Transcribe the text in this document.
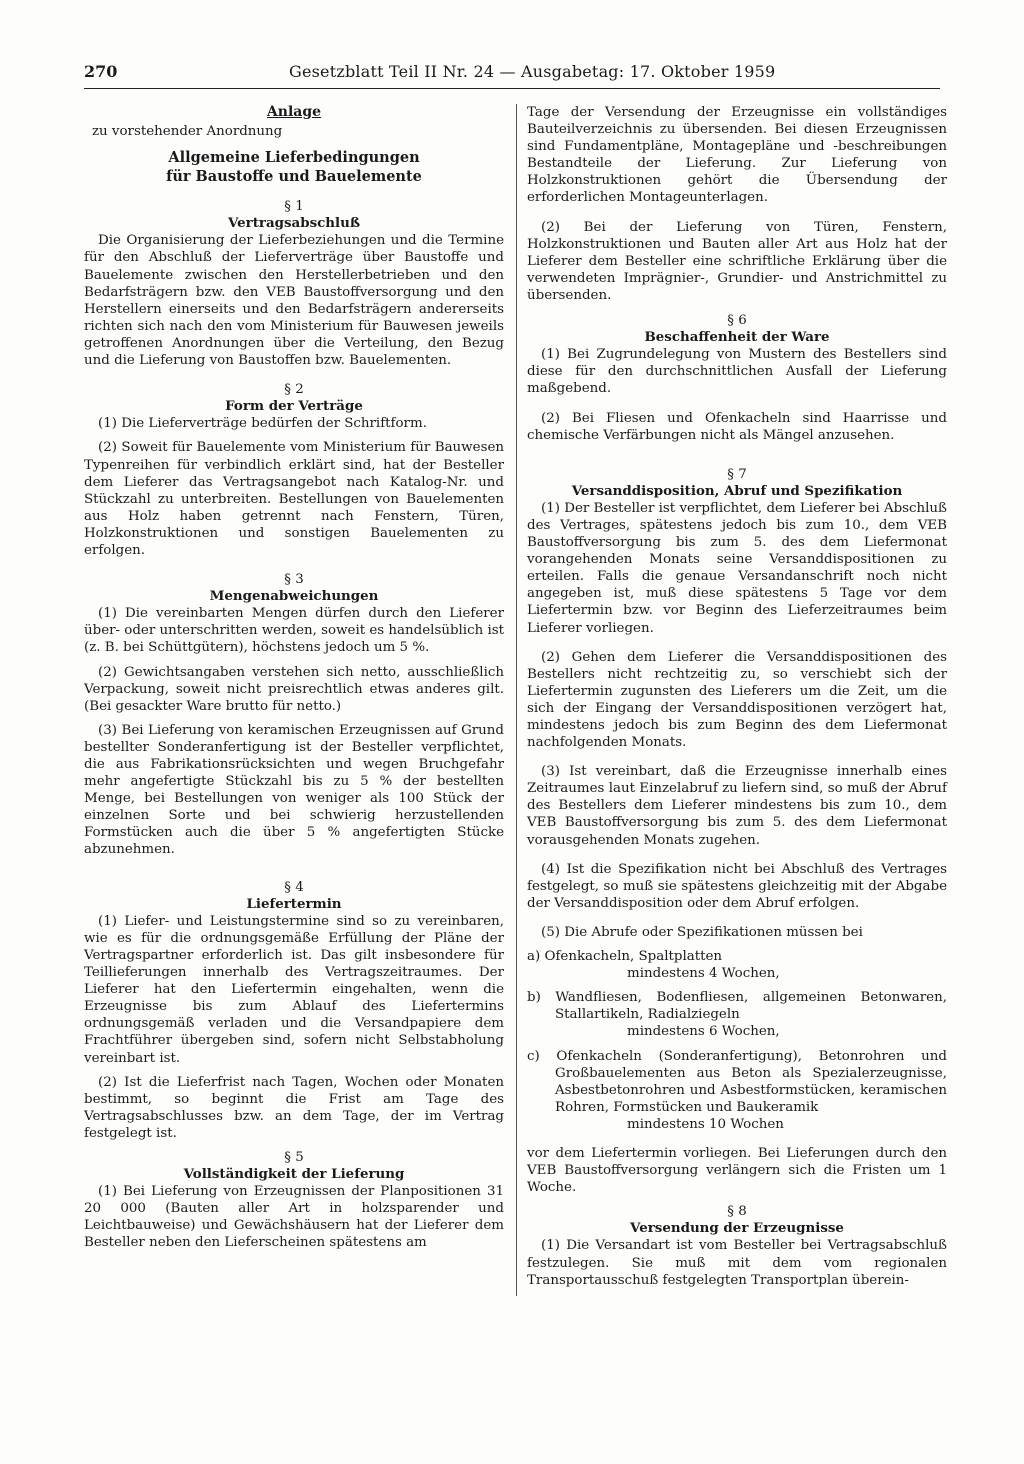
270	Gesetzblatt Teil II Nr. 24 — Ausgabetag: 17. Oktober 1959

Anlage

zu vorstehender Anordnung

Allgemeine Lieferbedingungen

für Baustoffe und Bauelemente

§ 1

Vertragsabschluß

Die Organisierung der Lieferbeziehungen und die Termine für den Abschluß der Lieferverträge über Baustoffe und Bauelemente zwischen den Herstellerbetrieben und den Bedarfsträgern bzw. den VEB Baustoffversorgung und den Herstellern einerseits und den Bedarfsträgern andererseits richten sich nach den vom Ministerium für Bauwesen jeweils getroffenen Anordnungen über die Verteilung, den Bezug und die Lieferung von Baustoffen bzw. Bauelementen.

§ 2

Form der Verträge

(1) Die Lieferverträge bedürfen der Schriftform.

(2) Soweit für Bauelemente vom Ministerium für Bauwesen Typenreihen für verbindlich erklärt sind, hat der Besteller dem Lieferer das Vertragsangebot nach Katalog-Nr. und Stückzahl zu unterbreiten. Bestellungen von Bauelementen aus Holz haben getrennt nach Fenstern, Türen, Holzkonstruktionen und sonstigen Bauelementen zu erfolgen.

§ 3

Mengenabweichungen

(1) Die vereinbarten Mengen dürfen durch den Lieferer über- oder unterschritten werden, soweit es handelsüblich ist (z. B. bei Schüttgütern), höchstens jedoch um 5 %.

(2) Gewichtsangaben verstehen sich netto, ausschließlich Verpackung, soweit nicht preisrechtlich etwas anderes gilt. (Bei gesackter Ware brutto für netto.)

(3) Bei Lieferung von keramischen Erzeugnissen auf Grund bestellter Sonderanfertigung ist der Besteller verpflichtet, die aus Fabrikationsrücksichten und wegen Bruchgefahr mehr angefertigte Stückzahl bis zu 5 % der bestellten Menge, bei Bestellungen von weniger als 100 Stück der einzelnen Sorte und bei schwierig herzustellenden Formstücken auch die über 5 % angefertigten Stücke abzunehmen.

§ 4

Liefertermin

(1) Liefer- und Leistungstermine sind so zu vereinbaren, wie es für die ordnungsgemäße Erfüllung der Pläne der Vertragspartner erforderlich ist. Das gilt insbesondere für Teillieferungen innerhalb des Vertragszeitraumes. Der Lieferer hat den Liefertermin eingehalten, wenn die Erzeugnisse bis zum Ablauf des Liefertermins ordnungsgemäß verladen und die Versandpapiere dem Frachtführer übergeben sind, sofern nicht Selbstabholung vereinbart ist.

(2) Ist die Lieferfrist nach Tagen, Wochen oder Monaten bestimmt, so beginnt die Frist am Tage des Vertragsabschlusses bzw. an dem Tage, der im Vertrag festgelegt ist.

§ 5

Vollständigkeit der Lieferung

(1) Bei Lieferung von Erzeugnissen der Planpositionen 31 20 000 (Bauten aller Art in holzsparender und Leichtbauweise) und Gewächshäusern hat der Lieferer dem Besteller neben den Lieferscheinen spätestens am

Tage der Versendung der Erzeugnisse ein vollständiges Bauteilverzeichnis zu übersenden. Bei diesen Erzeugnissen sind Fundamentpläne, Montagepläne und -beschreibungen Bestandteile der Lieferung. Zur Lieferung von Holzkonstruktionen gehört die Übersendung der erforderlichen Montageunterlagen.

(2) Bei der Lieferung von Türen, Fenstern, Holzkonstruktionen und Bauten aller Art aus Holz hat der Lieferer dem Besteller eine schriftliche Erklärung über die verwendeten Imprägnier-, Grundier- und Anstrichmittel zu übersenden.

§ 6

Beschaffenheit der Ware

(1) Bei Zugrundelegung von Mustern des Bestellers sind diese für den durchschnittlichen Ausfall der Lieferung maßgebend.

(2) Bei Fliesen und Ofenkacheln sind Haarrisse und chemische Verfärbungen nicht als Mängel anzusehen.

§ 7

Versanddisposition, Abruf und Spezifikation

(1) Der Besteller ist verpflichtet, dem Lieferer bei Abschluß des Vertrages, spätestens jedoch bis zum 10., dem VEB Baustoffversorgung bis zum 5. des dem Liefermonat vorangehenden Monats seine Versanddispositionen zu erteilen. Falls die genaue Versandanschrift noch nicht angegeben ist, muß diese spätestens 5 Tage vor dem Liefertermin bzw. vor Beginn des Lieferzeitraumes beim Lieferer vorliegen.

(2) Gehen dem Lieferer die Versanddispositionen des Bestellers nicht rechtzeitig zu, so verschiebt sich der Liefertermin zugunsten des Lieferers um die Zeit, um die sich der Eingang der Versanddispositionen verzögert hat, mindestens jedoch bis zum Beginn des dem Liefermonat nachfolgenden Monats.

(3) Ist vereinbart, daß die Erzeugnisse innerhalb eines Zeitraumes laut Einzelabruf zu liefern sind, so muß der Abruf des Bestellers dem Lieferer mindestens bis zum 10., dem VEB Baustoffversorgung bis zum 5. des dem Liefermonat vorausgehenden Monats zugehen.

(4) Ist die Spezifikation nicht bei Abschluß des Vertrages festgelegt, so muß sie spätestens gleichzeitig mit der Abgabe der Versanddisposition oder dem Abruf erfolgen.

(5) Die Abrufe oder Spezifikationen müssen bei

a) Ofenkacheln, Spaltplatten

mindestens 4 Wochen,

b) Wandfliesen, Bodenfliesen, allgemeinen Betonwaren, Stallartikeln, Radialziegeln

mindestens 6 Wochen,

c) Ofenkacheln (Sonderanfertigung), Betonrohren und Großbauelementen aus Beton als Spezialerzeugnisse, Asbestbetonrohren und Asbestformstücken, keramischen Rohren, Formstücken und Baukeramik

mindestens 10 Wochen

vor dem Liefertermin vorliegen. Bei Lieferungen durch den VEB Baustoffversorgung verlängern sich die Fristen um 1 Woche.

§ 8

Versendung der Erzeugnisse

(1) Die Versandart ist vom Besteller bei Vertragsabschluß festzulegen. Sie muß mit dem vom regionalen Transportausschuß festgelegten Transportplan überein-
